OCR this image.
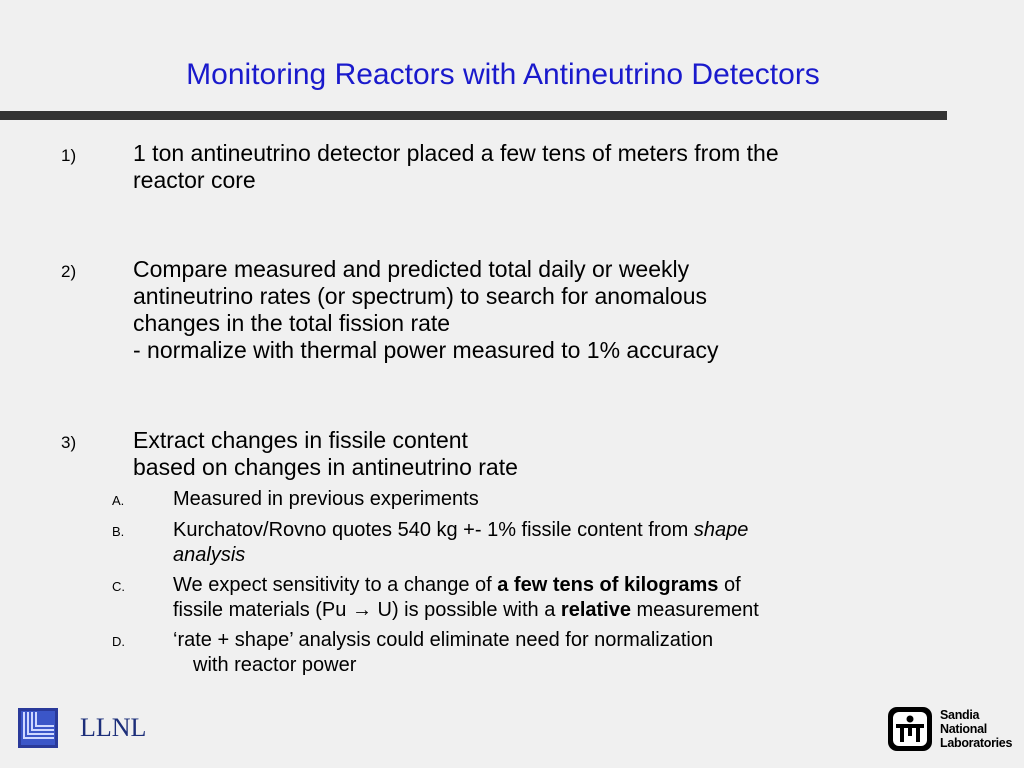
Monitoring Reactors with Antineutrino Detectors
1) 1 ton antineutrino detector placed a few tens of meters from the
reactor core
2) Compare measured and predicted total daily or weekly
antineutrino rates (or spectrum) to search for anomalous
changes in the total fission rate
- normalize with thermal power measured to 1% accuracy
3) Extract changes in fissile content
based on changes in antineutrino rate
A. Measured in previous experiments
B. Kurchatov/Rovno quotes 540 kg +- 1% fissile content from shape
analysis
C. We expect sensitivity to a change of a few tens of kilograms of
fissile materials (Pu → U) is possible with a relative measurement
D. ‘rate + shape’ analysis could eliminate need for normalization
with reactor power
LLNL	Sandia
National
Laboratories
